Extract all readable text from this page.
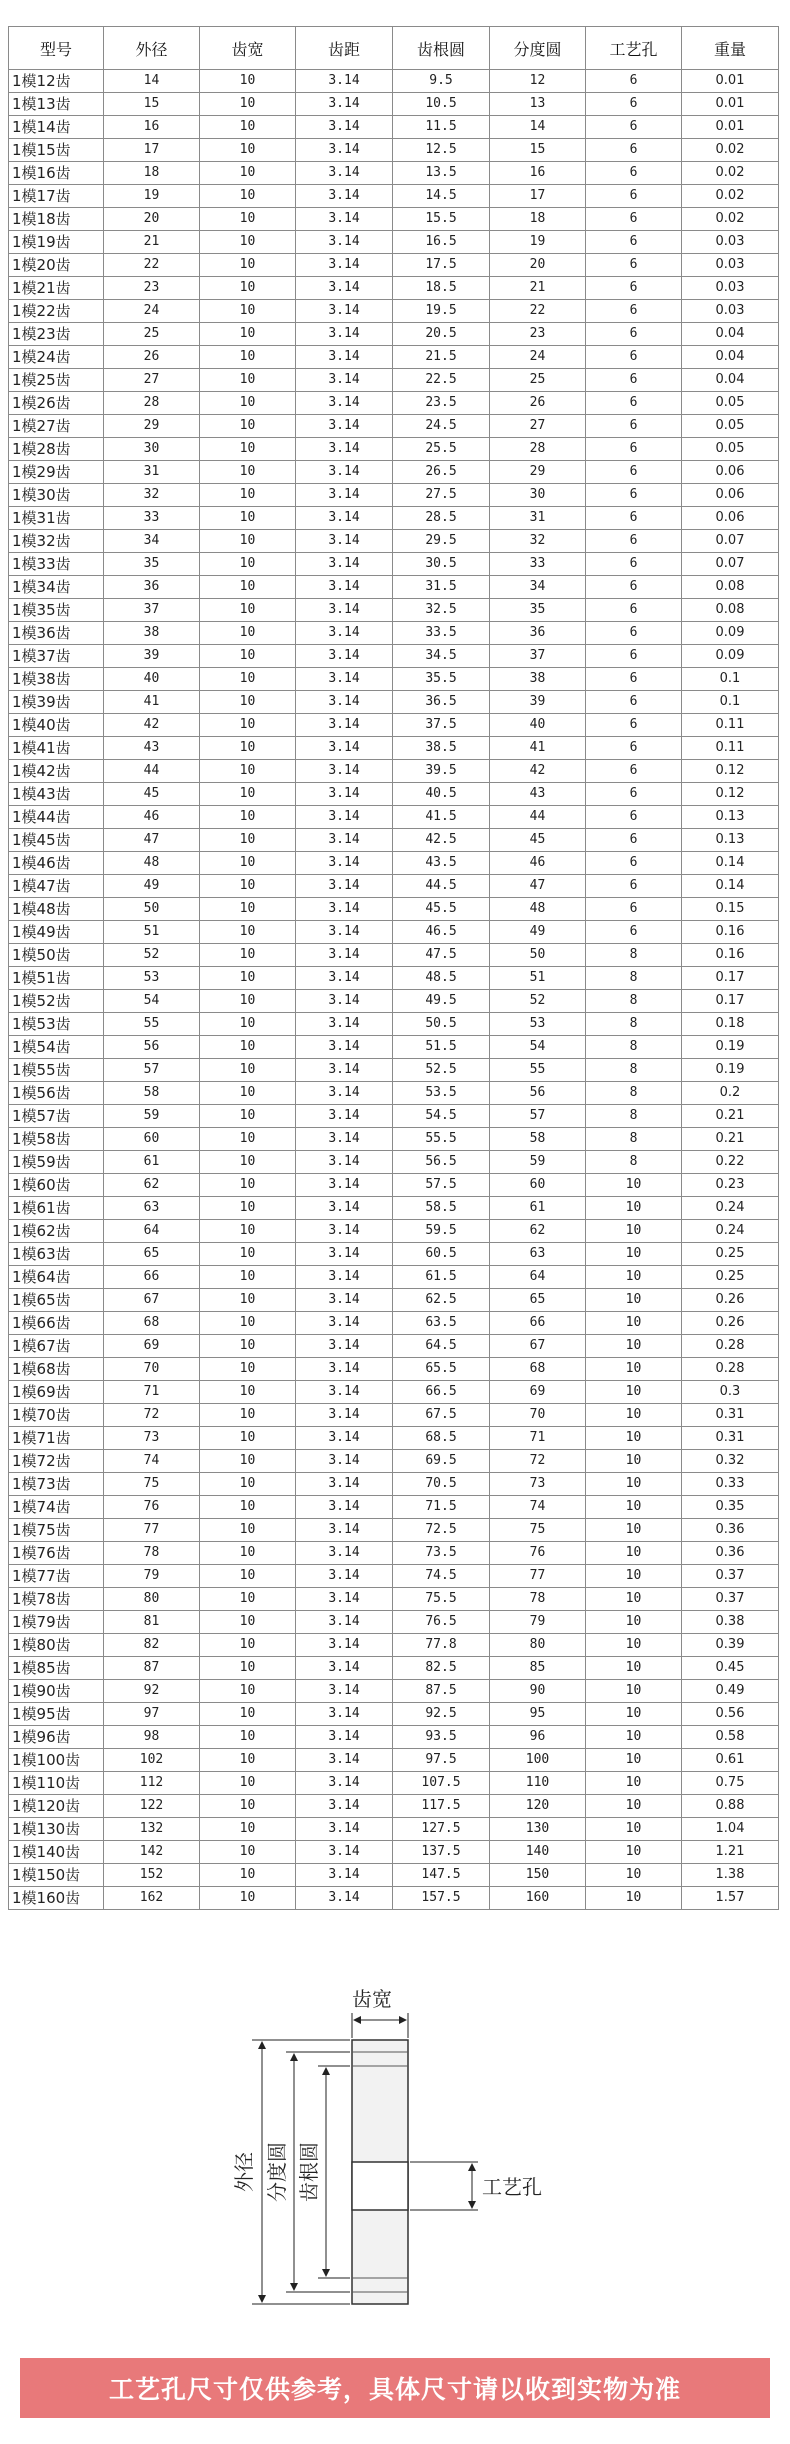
型号	外径	齿宽	齿距	齿根圆	分度圆	工艺孔	重量
1模12齿	14	10	3.14	9.5	12	6	0.01
1模13齿	15	10	3.14	10.5	13	6	0.01
1模14齿	16	10	3.14	11.5	14	6	0.01
1模15齿	17	10	3.14	12.5	15	6	0.02
1模16齿	18	10	3.14	13.5	16	6	0.02
1模17齿	19	10	3.14	14.5	17	6	0.02
1模18齿	20	10	3.14	15.5	18	6	0.02
1模19齿	21	10	3.14	16.5	19	6	0.03
1模20齿	22	10	3.14	17.5	20	6	0.03
1模21齿	23	10	3.14	18.5	21	6	0.03
1模22齿	24	10	3.14	19.5	22	6	0.03
1模23齿	25	10	3.14	20.5	23	6	0.04
1模24齿	26	10	3.14	21.5	24	6	0.04
1模25齿	27	10	3.14	22.5	25	6	0.04
1模26齿	28	10	3.14	23.5	26	6	0.05
1模27齿	29	10	3.14	24.5	27	6	0.05
1模28齿	30	10	3.14	25.5	28	6	0.05
1模29齿	31	10	3.14	26.5	29	6	0.06
1模30齿	32	10	3.14	27.5	30	6	0.06
1模31齿	33	10	3.14	28.5	31	6	0.06
1模32齿	34	10	3.14	29.5	32	6	0.07
1模33齿	35	10	3.14	30.5	33	6	0.07
1模34齿	36	10	3.14	31.5	34	6	0.08
1模35齿	37	10	3.14	32.5	35	6	0.08
1模36齿	38	10	3.14	33.5	36	6	0.09
1模37齿	39	10	3.14	34.5	37	6	0.09
1模38齿	40	10	3.14	35.5	38	6	0.1
1模39齿	41	10	3.14	36.5	39	6	0.1
1模40齿	42	10	3.14	37.5	40	6	0.11
1模41齿	43	10	3.14	38.5	41	6	0.11
1模42齿	44	10	3.14	39.5	42	6	0.12
1模43齿	45	10	3.14	40.5	43	6	0.12
1模44齿	46	10	3.14	41.5	44	6	0.13
1模45齿	47	10	3.14	42.5	45	6	0.13
1模46齿	48	10	3.14	43.5	46	6	0.14
1模47齿	49	10	3.14	44.5	47	6	0.14
1模48齿	50	10	3.14	45.5	48	6	0.15
1模49齿	51	10	3.14	46.5	49	6	0.16
1模50齿	52	10	3.14	47.5	50	8	0.16
1模51齿	53	10	3.14	48.5	51	8	0.17
1模52齿	54	10	3.14	49.5	52	8	0.17
1模53齿	55	10	3.14	50.5	53	8	0.18
1模54齿	56	10	3.14	51.5	54	8	0.19
1模55齿	57	10	3.14	52.5	55	8	0.19
1模56齿	58	10	3.14	53.5	56	8	0.2
1模57齿	59	10	3.14	54.5	57	8	0.21
1模58齿	60	10	3.14	55.5	58	8	0.21
1模59齿	61	10	3.14	56.5	59	8	0.22
1模60齿	62	10	3.14	57.5	60	10	0.23
1模61齿	63	10	3.14	58.5	61	10	0.24
1模62齿	64	10	3.14	59.5	62	10	0.24
1模63齿	65	10	3.14	60.5	63	10	0.25
1模64齿	66	10	3.14	61.5	64	10	0.25
1模65齿	67	10	3.14	62.5	65	10	0.26
1模66齿	68	10	3.14	63.5	66	10	0.26
1模67齿	69	10	3.14	64.5	67	10	0.28
1模68齿	70	10	3.14	65.5	68	10	0.28
1模69齿	71	10	3.14	66.5	69	10	0.3
1模70齿	72	10	3.14	67.5	70	10	0.31
1模71齿	73	10	3.14	68.5	71	10	0.31
1模72齿	74	10	3.14	69.5	72	10	0.32
1模73齿	75	10	3.14	70.5	73	10	0.33
1模74齿	76	10	3.14	71.5	74	10	0.35
1模75齿	77	10	3.14	72.5	75	10	0.36
1模76齿	78	10	3.14	73.5	76	10	0.36
1模77齿	79	10	3.14	74.5	77	10	0.37
1模78齿	80	10	3.14	75.5	78	10	0.37
1模79齿	81	10	3.14	76.5	79	10	0.38
1模80齿	82	10	3.14	77.8	80	10	0.39
1模85齿	87	10	3.14	82.5	85	10	0.45
1模90齿	92	10	3.14	87.5	90	10	0.49
1模95齿	97	10	3.14	92.5	95	10	0.56
1模96齿	98	10	3.14	93.5	96	10	0.58
1模100齿	102	10	3.14	97.5	100	10	0.61
1模110齿	112	10	3.14	107.5	110	10	0.75
1模120齿	122	10	3.14	117.5	120	10	0.88
1模130齿	132	10	3.14	127.5	130	10	1.04
1模140齿	142	10	3.14	137.5	140	10	1.21
1模150齿	152	10	3.14	147.5	150	10	1.38
1模160齿	162	10	3.14	157.5	160	10	1.57
齿宽
外径 分度圆 齿根圆	工艺孔
工艺孔尺寸仅供参考，具体尺寸请以收到实物为准
